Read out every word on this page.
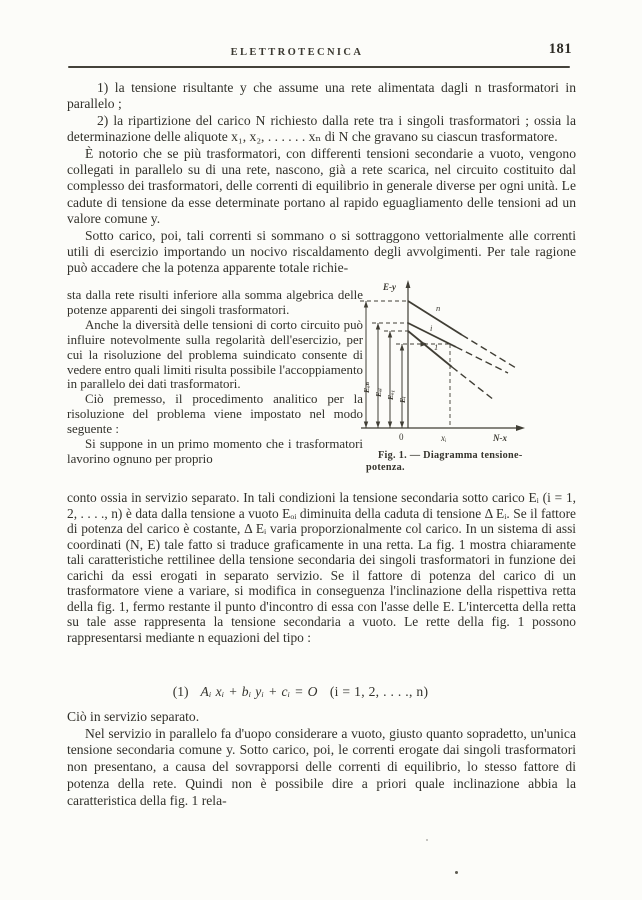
ELETTROTECNICA	181

1) la tensione risultante y che assume una rete alimentata dagli n trasformatori in parallelo ;

2) la ripartizione del carico N richiesto dalla rete tra i singoli trasformatori ; ossia la determinazione delle aliquote x₁, x₂, . . . . . . xₙ di N che gravano su ciascun trasformatore.

È notorio che se più trasformatori, con differenti tensioni secondarie a vuoto, vengono collegati in parallelo su di una rete, nascono, già a rete scarica, nel circuito costituito dal complesso dei trasformatori, delle correnti di equilibrio in generale diverse per ogni unità. Le cadute di tensione da esse determinate portano al rapido eguagliamento delle tensioni ad un valore comune y.

Sotto carico, poi, tali correnti si sommano o si sottraggono vettorialmente alle correnti utili di esercizio importando un nocivo riscaldamento degli avvolgimenti. Per tale ragione può accadere che la potenza apparente totale richie-

sta dalla rete risulti inferiore alla somma algebrica delle potenze apparenti dei singoli trasformatori.

Anche la diversità delle tensioni di corto circuito può influire notevolmente sulla regolarità dell'esercizio, per cui la risoluzione del problema suindicato consente di vedere entro quali limiti risulta possibile l'accoppiamento in parallelo dei dati trasformatori.

Ciò premesso, il procedimento analitico per la risoluzione del problema viene impostato nel modo seguente :

Si suppone in un primo momento che i trasformatori lavorino ognuno per proprio

E-y
N-x
0	xᵢ
n
i
1
Eₒₙ Eₒᵢ Eₒ₁ Eᵢ
Fig. 1. — Diagramma tensione-
potenza.

conto ossia in servizio separato. In tali condizioni la tensione secondaria sotto carico Eᵢ (i = 1, 2, . . . ., n) è data dalla tensione a vuoto Eₒᵢ diminuita della caduta di tensione Δ Eᵢ. Se il fattore di potenza del carico è costante, Δ Eᵢ varia proporzionalmente col carico. In un sistema di assi coordinati (N, E) tale fatto si traduce graficamente in una retta. La fig. 1 mostra chiaramente tali caratteristiche rettilinee della tensione secondaria dei singoli trasformatori in funzione dei carichi da essi erogati in separato servizio. Se il fattore di potenza del carico di un trasformatore viene a variare, si modifica in conseguenza l'inclinazione della rispettiva retta della fig. 1, fermo restante il punto d'incontro di essa con l'asse delle E. L'intercetta della retta su tale asse rappresenta la tensione secondaria a vuoto. Le rette della fig. 1 possono rappresentarsi mediante n equazioni del tipo :

(1) Aᵢ xᵢ + bᵢ yᵢ + cᵢ = O (i = 1, 2, . . . ., n)

Ciò in servizio separato.

Nel servizio in parallelo fa d'uopo considerare a vuoto, giusto quanto sopradetto, un'unica tensione secondaria comune y. Sotto carico, poi, le correnti erogate dai singoli trasformatori non presentano, a causa del sovrapporsi delle correnti di equilibrio, lo stesso fattore di potenza della rete. Quindi non è possibile dire a priori quale inclinazione abbia la caratteristica della fig. 1 rela-
